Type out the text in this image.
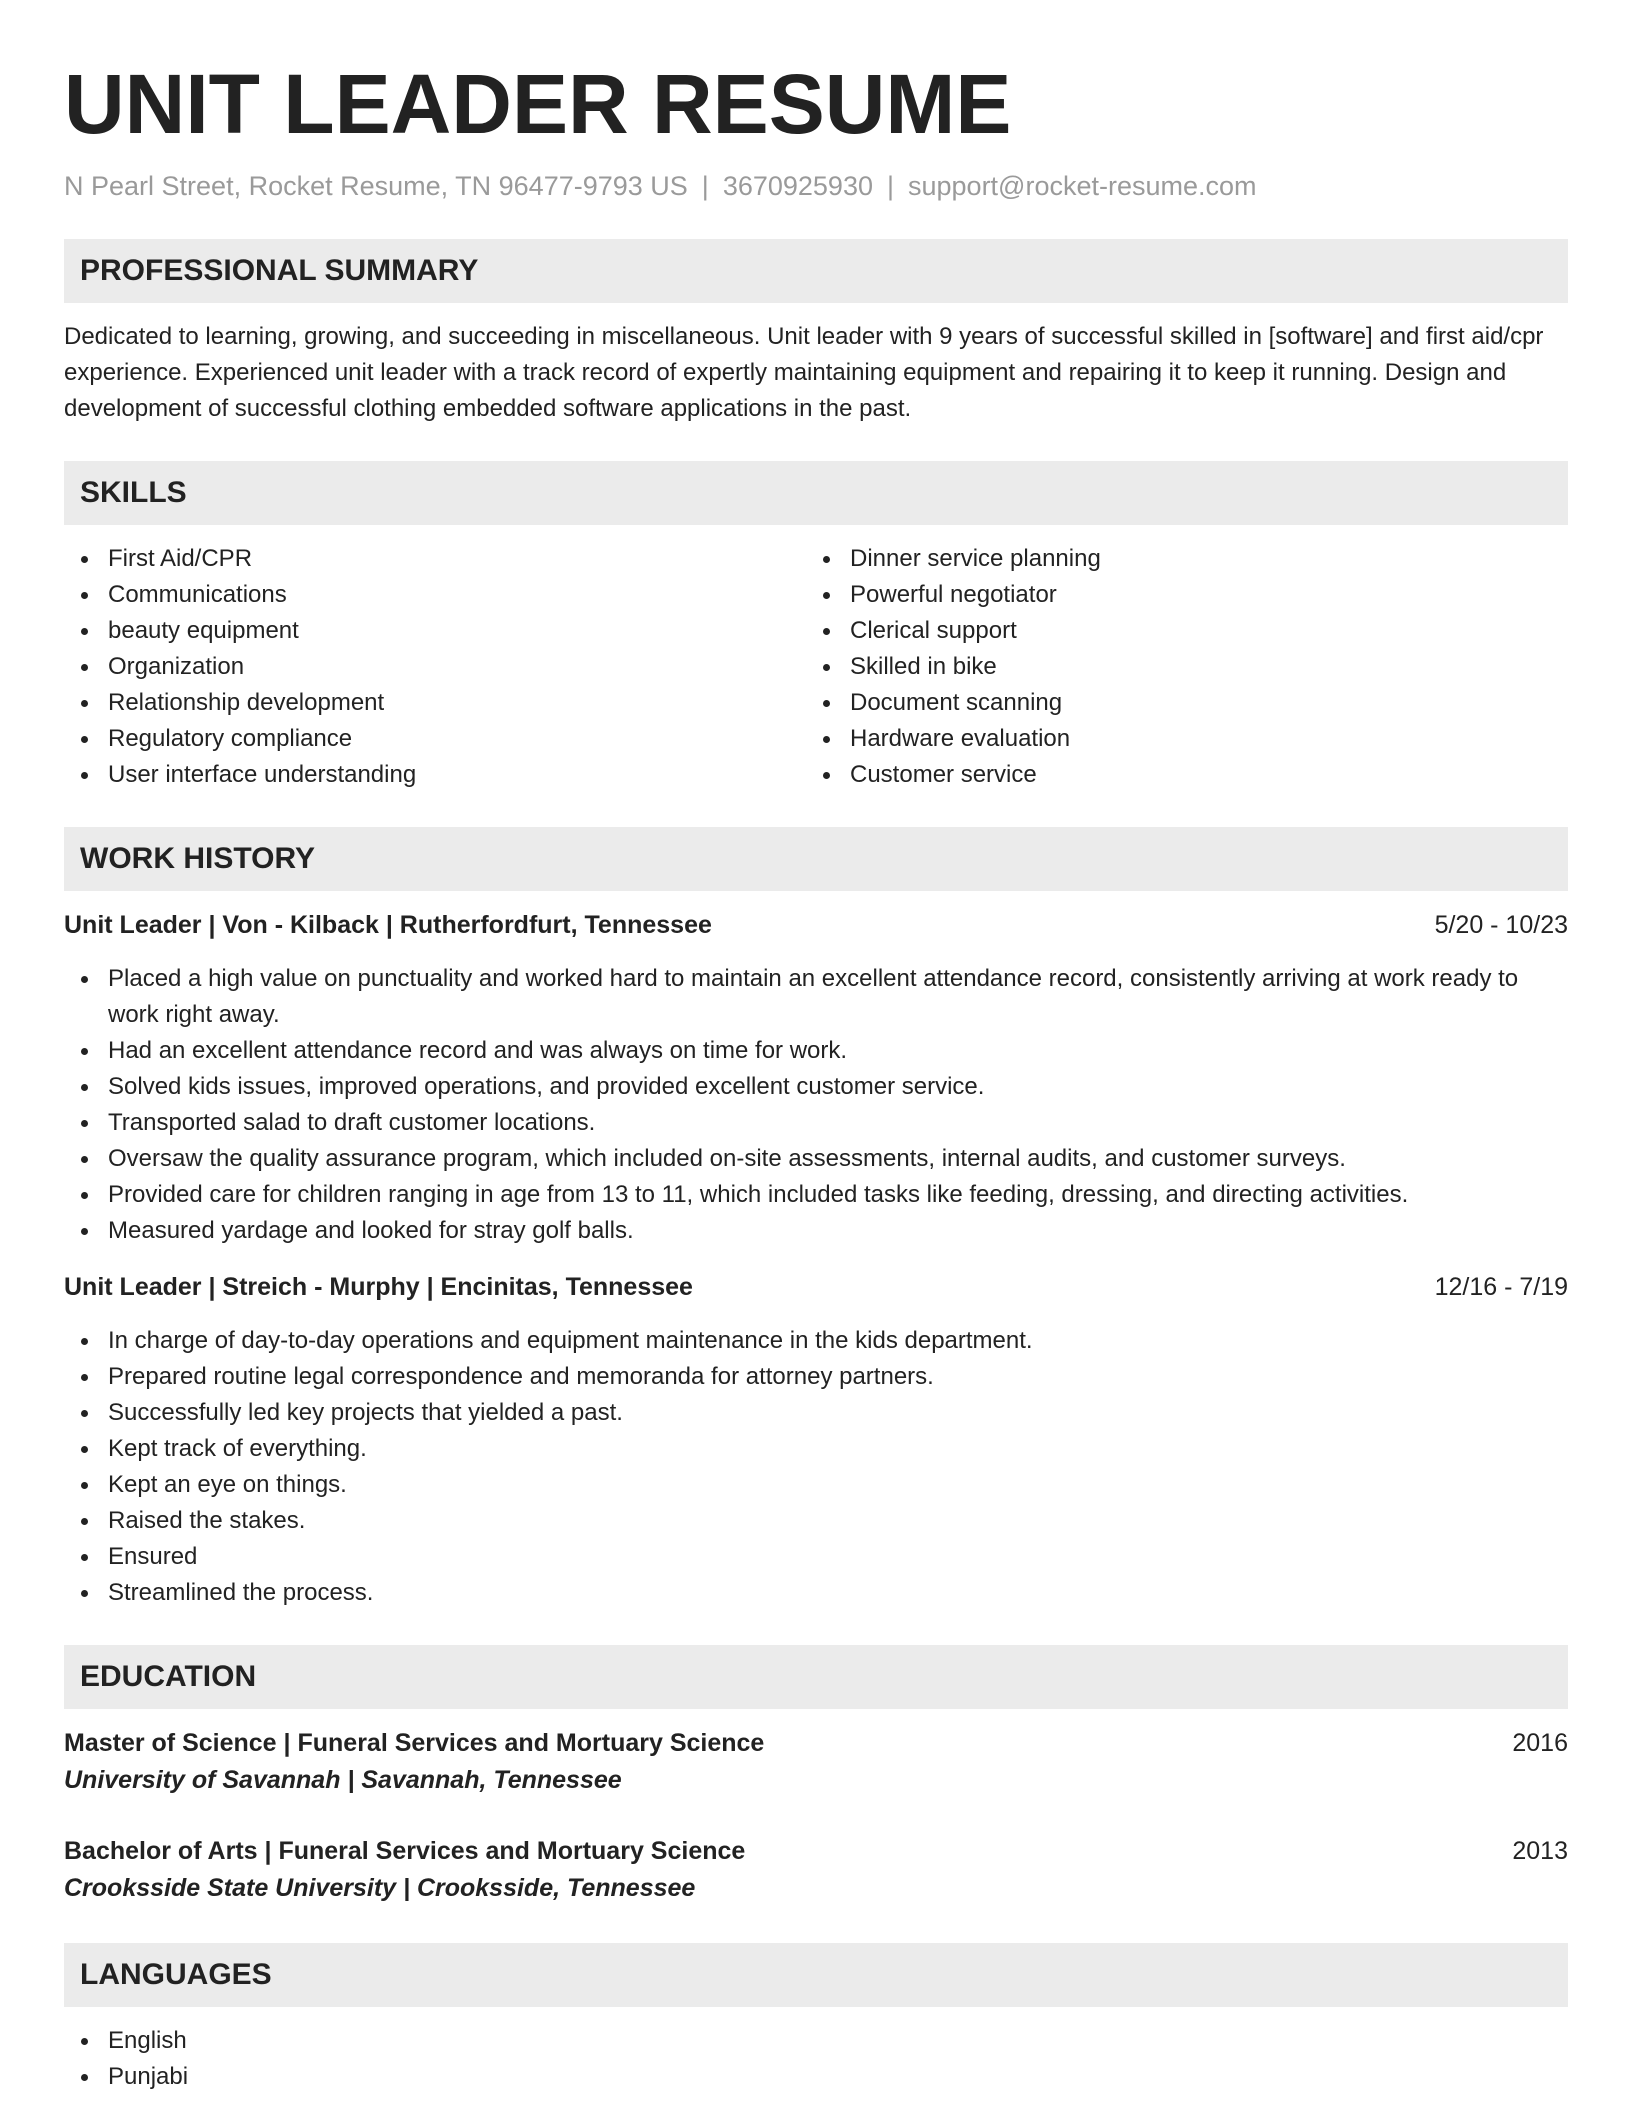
UNIT LEADER RESUME
N Pearl Street, Rocket Resume, TN 96477-9793 US | 3670925930 | support@rocket-resume.com
PROFESSIONAL SUMMARY

Dedicated to learning, growing, and succeeding in miscellaneous. Unit leader with 9 years of successful skilled in [software] and first aid/cpr experience. Experienced unit leader with a track record of expertly maintaining equipment and repairing it to keep it running. Design and development of successful clothing embedded software applications in the past.

SKILLS
First Aid/CPR
Communications
beauty equipment
Organization
Relationship development
Regulatory compliance
User interface understanding
Dinner service planning
Powerful negotiator
Clerical support
Skilled in bike
Document scanning
Hardware evaluation
Customer service
WORK HISTORY
Unit Leader | Von - Kilback | Rutherfordfurt, Tennessee	5/20 - 10/23
Placed a high value on punctuality and worked hard to maintain an excellent attendance record, consistently arriving at work ready to work right away.
Had an excellent attendance record and was always on time for work.
Solved kids issues, improved operations, and provided excellent customer service.
Transported salad to draft customer locations.
Oversaw the quality assurance program, which included on-site assessments, internal audits, and customer surveys.
Provided care for children ranging in age from 13 to 11, which included tasks like feeding, dressing, and directing activities.
Measured yardage and looked for stray golf balls.
Unit Leader | Streich - Murphy | Encinitas, Tennessee	12/16 - 7/19
In charge of day-to-day operations and equipment maintenance in the kids department.
Prepared routine legal correspondence and memoranda for attorney partners.
Successfully led key projects that yielded a past.
Kept track of everything.
Kept an eye on things.
Raised the stakes.
Ensured
Streamlined the process.
EDUCATION
Master of Science | Funeral Services and Mortuary Science	2016
University of Savannah | Savannah, Tennessee
Bachelor of Arts | Funeral Services and Mortuary Science	2013
Crooksside State University | Crooksside, Tennessee
LANGUAGES
English
Punjabi
